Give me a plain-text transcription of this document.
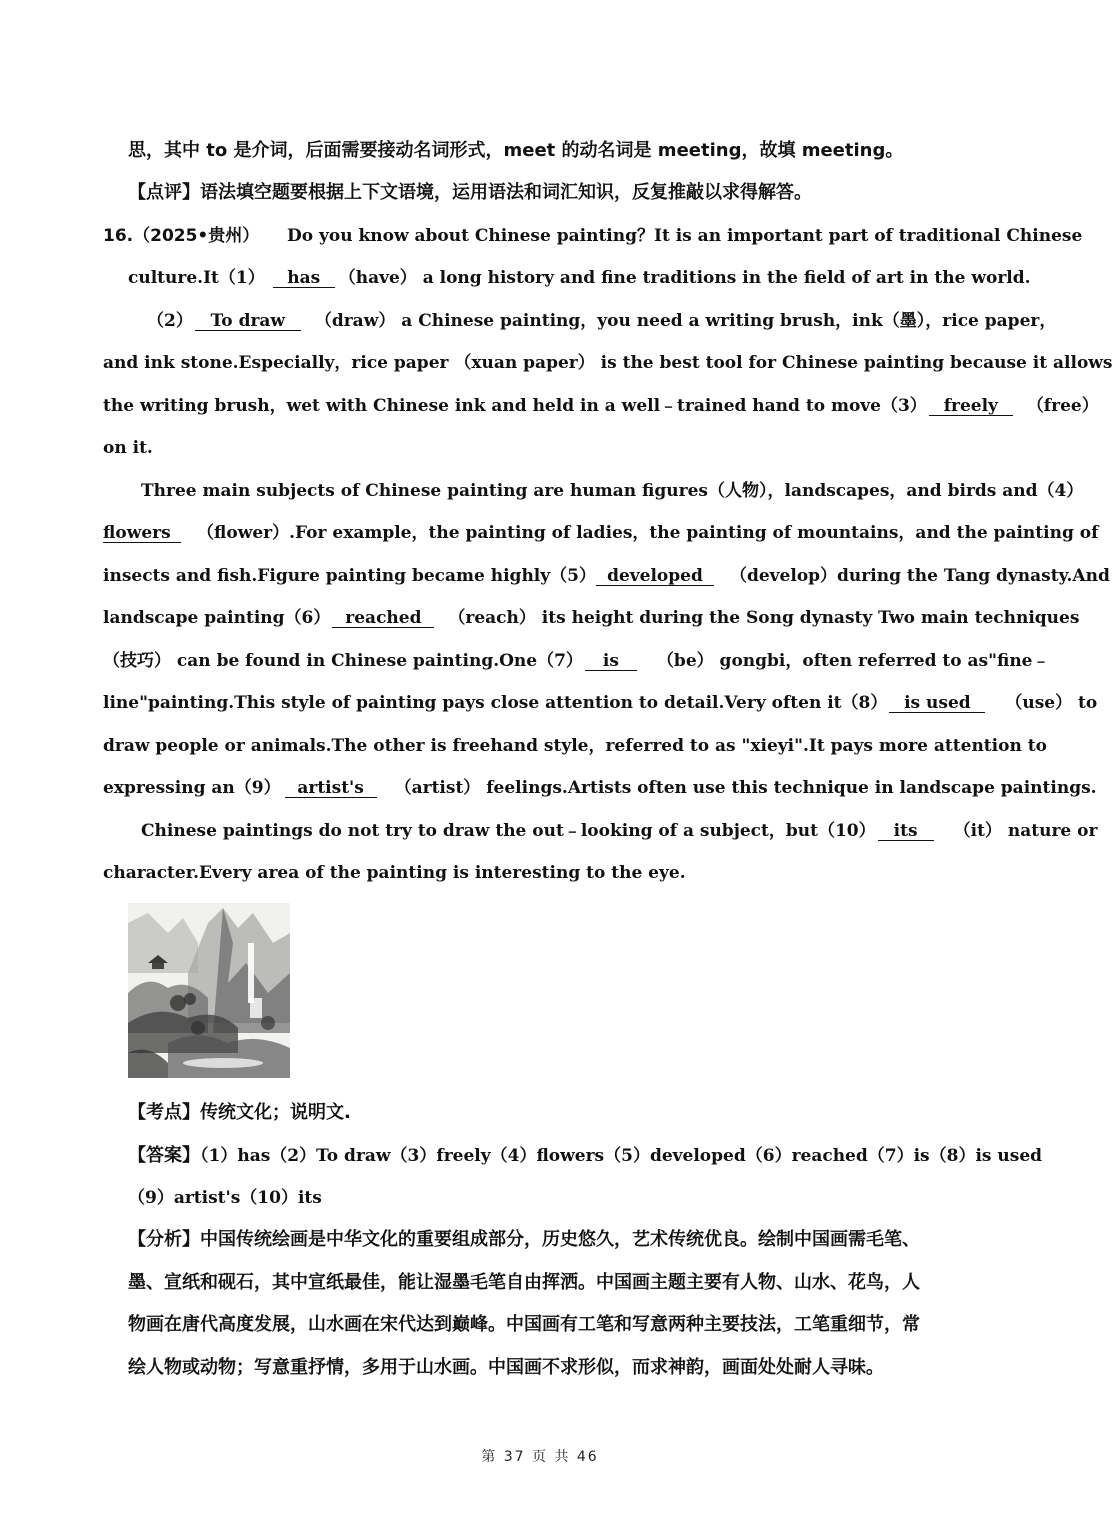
思，其中 to 是介词，后面需要接动名词形式，meet 的动名词是 meeting，故填 meeting。
【点评】语法填空题要根据上下文语境，运用语法和词汇知识，反复推敲以求得解答。
16.（2025•贵州） Do you know about Chinese painting？It is an important part of traditional Chinese
culture.It（1） has （have） a long history and fine traditions in the field of art in the world.
（2） To draw （draw） a Chinese painting，you need a writing brush，ink（墨），rice paper，
and ink stone.Especially，rice paper （xuan paper） is the best tool for Chinese painting because it allows
the writing brush，wet with Chinese ink and held in a well﹣trained hand to move（3） freely （free）
on it.
Three main subjects of Chinese painting are human figures（人物），landscapes，and birds and（4）
flowers （flower）.For example，the painting of ladies，the painting of mountains，and the painting of
insects and fish.Figure painting became highly（5） developed （develop）during the Tang dynasty.And
landscape painting（6） reached （reach） its height during the Song dynasty Two main techniques
（技巧） can be found in Chinese painting.One（7） is （be） gongbi，often referred to as"fine﹣
line"painting.This style of painting pays close attention to detail.Very often it（8） is used （use） to
draw people or animals.The other is freehand style，referred to as "xieyi".It pays more attention to
expressing an（9） artist's （artist） feelings.Artists often use this technique in landscape paintings.
Chinese paintings do not try to draw the out﹣looking of a subject，but（10） its （it） nature or
character.Every area of the painting is interesting to the eye.
【考点】传统文化；说明文.
【答案】（1）has（2）To draw（3）freely（4）flowers（5）developed（6）reached（7）is（8）is used
（9）artist's（10）its
【分析】中国传统绘画是中华文化的重要组成部分，历史悠久，艺术传统优良。绘制中国画需毛笔、
墨、宣纸和砚石，其中宣纸最佳，能让湿墨毛笔自由挥洒。中国画主题主要有人物、山水、花鸟，人
物画在唐代高度发展，山水画在宋代达到巅峰。中国画有工笔和写意两种主要技法，工笔重细节，常
绘人物或动物；写意重抒情，多用于山水画。中国画不求形似，而求神韵，画面处处耐人寻味。
第 37 页 共 46
